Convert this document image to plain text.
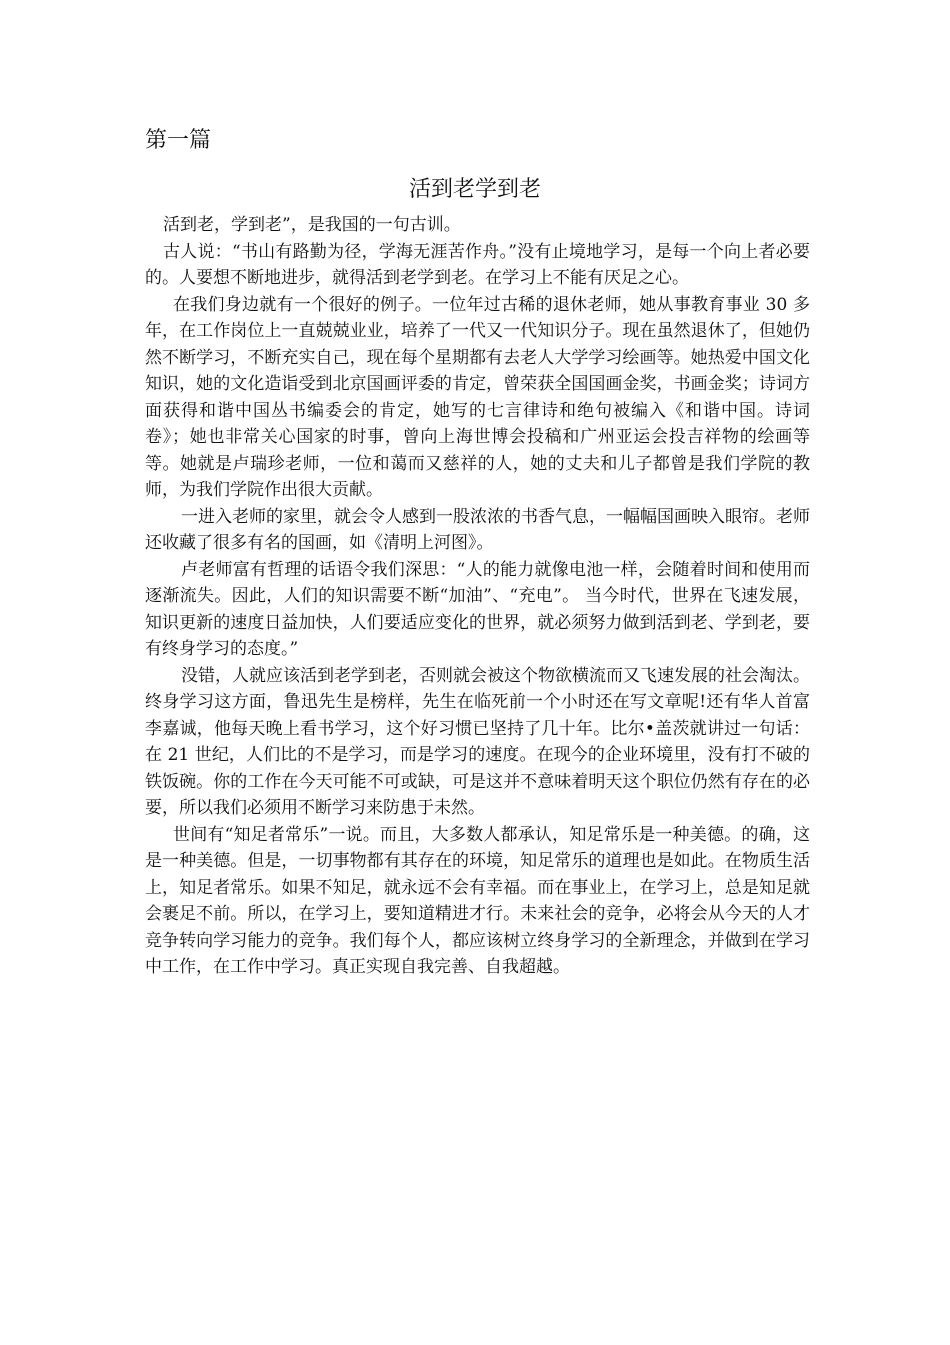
第一篇
活到老学到老

活到老，学到老”，是我国的一句古训。

古人说：“书山有路勤为径，学海无涯苦作舟。”没有止境地学习，是每一个向上者必要的。人要想不断地进步，就得活到老学到老。在学习上不能有厌足之心。

在我们身边就有一个很好的例子。一位年过古稀的退休老师，她从事教育事业 30 多年，在工作岗位上一直兢兢业业，培养了一代又一代知识分子。现在虽然退休了，但她仍然不断学习，不断充实自己，现在每个星期都有去老人大学学习绘画等。她热爱中国文化知识，她的文化造诣受到北京国画评委的肯定，曾荣获全国国画金奖，书画金奖；诗词方面获得和谐中国丛书编委会的肯定，她写的七言律诗和绝句被编入《和谐中国。诗词卷》；她也非常关心国家的时事，曾向上海世博会投稿和广州亚运会投吉祥物的绘画等等。她就是卢瑞珍老师，一位和蔼而又慈祥的人，她的丈夫和儿子都曾是我们学院的教师，为我们学院作出很大贡献。

一进入老师的家里，就会令人感到一股浓浓的书香气息，一幅幅国画映入眼帘。老师还收藏了很多有名的国画，如《清明上河图》。

卢老师富有哲理的话语令我们深思：“人的能力就像电池一样，会随着时间和使用而逐渐流失。因此，人们的知识需要不断“加油”、“充电”。 当今时代，世界在飞速发展，知识更新的速度日益加快，人们要适应变化的世界，就必须努力做到活到老、学到老，要有终身学习的态度。”

没错，人就应该活到老学到老，否则就会被这个物欲横流而又飞速发展的社会淘汰。终身学习这方面，鲁迅先生是榜样，先生在临死前一个小时还在写文章呢!还有华人首富李嘉诚，他每天晚上看书学习，这个好习惯已坚持了几十年。比尔•盖茨就讲过一句话：在 21 世纪，人们比的不是学习，而是学习的速度。在现今的企业环境里，没有打不破的铁饭碗。你的工作在今天可能不可或缺，可是这并不意味着明天这个职位仍然有存在的必要，所以我们必须用不断学习来防患于未然。

世间有“知足者常乐”一说。而且，大多数人都承认，知足常乐是一种美德。的确，这是一种美德。但是，一切事物都有其存在的环境，知足常乐的道理也是如此。在物质生活上，知足者常乐。如果不知足，就永远不会有幸福。而在事业上，在学习上，总是知足就会裹足不前。所以，在学习上，要知道精进才行。未来社会的竞争，必将会从今天的人才竞争转向学习能力的竞争。我们每个人，都应该树立终身学习的全新理念，并做到在学习中工作，在工作中学习。真正实现自我完善、自我超越。
